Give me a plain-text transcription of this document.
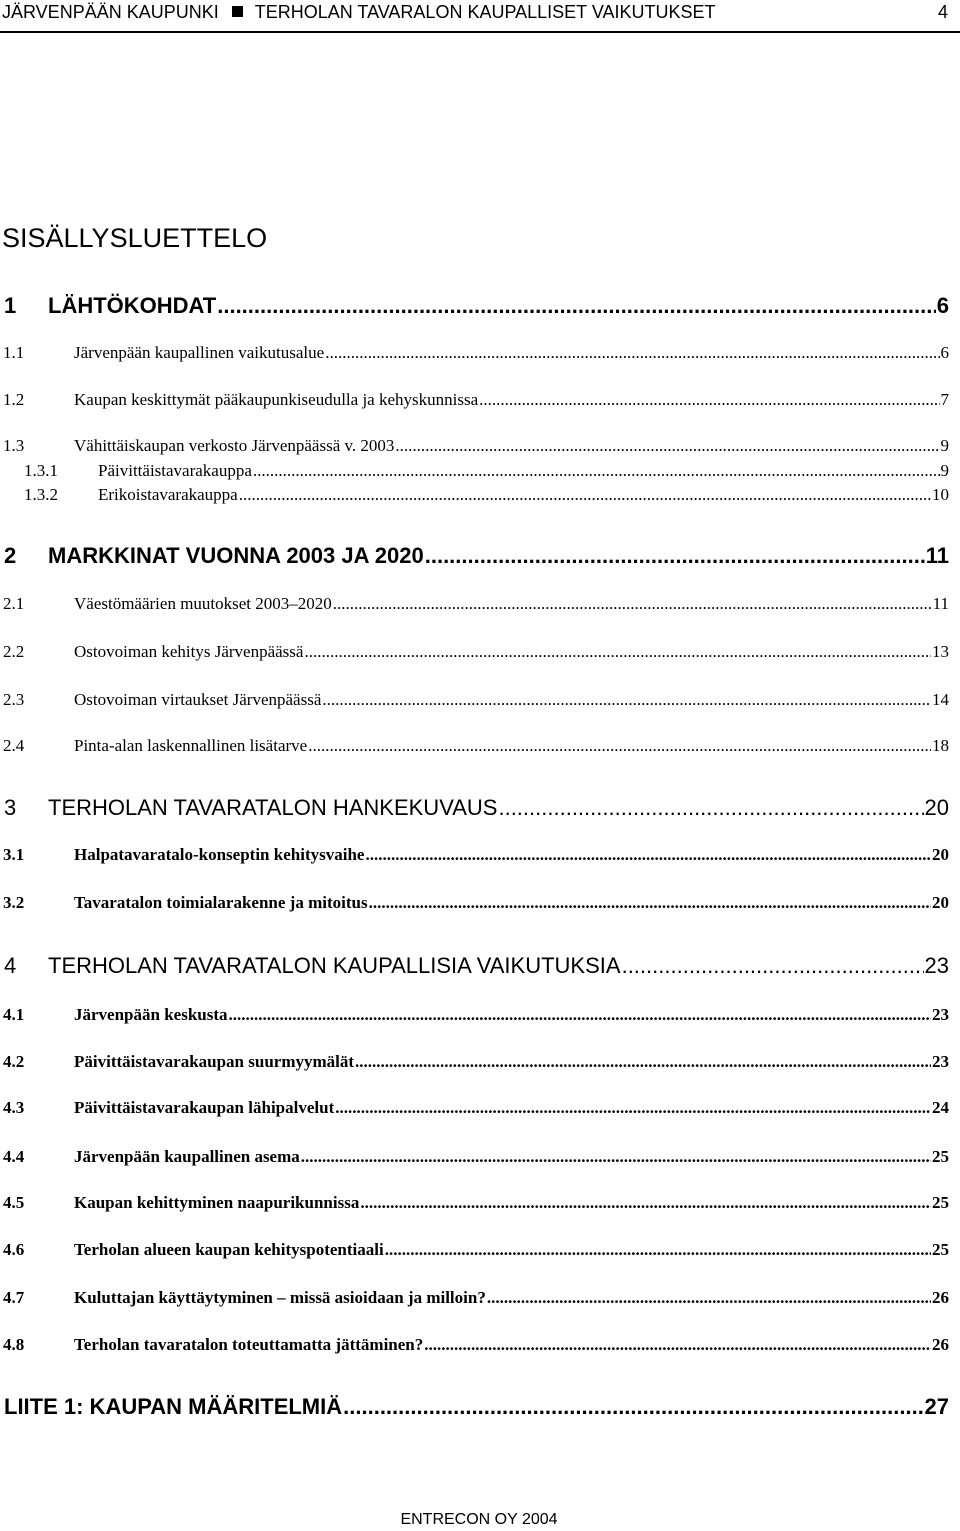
JÄRVENPÄÄN KAUPUNKI TERHOLAN TAVARALON KAUPALLISET VAIKUTUKSET	4
SISÄLLYSLUETTELO
1	LÄHTÖKOHDAT .....	6
1.1	Järvenpään kaupallinen vaikutusalue .....	6
1.2	Kaupan keskittymät pääkaupunkiseudulla ja kehyskunnissa .....	7
1.3	Vähittäiskaupan verkosto Järvenpäässä v. 2003 .....	9
1.3.1	Päivittäistavarakauppa .....	9
1.3.2	Erikoistavarakauppa .....	10
2	MARKKINAT VUONNA 2003 JA 2020 .....	11
2.1	Väestömäärien muutokset 2003–2020 .....	11
2.2	Ostovoiman kehitys Järvenpäässä .....	13
2.3	Ostovoiman virtaukset Järvenpäässä .....	14
2.4	Pinta-alan laskennallinen lisätarve .....	18
3	TERHOLAN TAVARATALON HANKEKUVAUS .....	20
3.1	Halpatavaratalo-konseptin kehitysvaihe .....	20
3.2	Tavaratalon toimialarakenne ja mitoitus .....	20
4	TERHOLAN TAVARATALON KAUPALLISIA VAIKUTUKSIA .....	23
4.1	Järvenpään keskusta .....	23
4.2	Päivittäistavarakaupan suurmyymälät .....	23
4.3	Päivittäistavarakaupan lähipalvelut .....	24
4.4	Järvenpään kaupallinen asema .....	25
4.5	Kaupan kehittyminen naapurikunnissa .....	25
4.6	Terholan alueen kaupan kehityspotentiaali .....	25
4.7	Kuluttajan käyttäytyminen – missä asioidaan ja milloin? .....	26
4.8	Terholan tavaratalon toteuttamatta jättäminen? .....	26
LIITE 1: KAUPAN MÄÄRITELMIÄ .....	27
ENTRECON OY 2004
